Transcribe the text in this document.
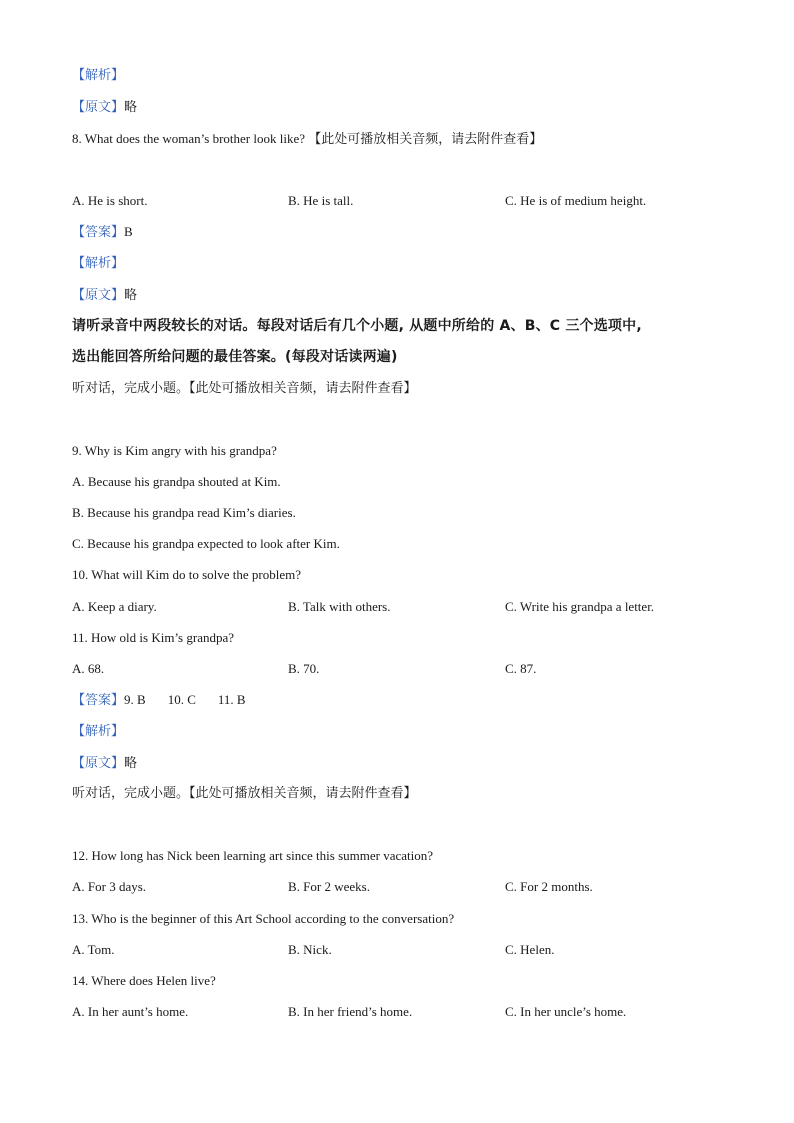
【解析】
【原文】略
8. What does the woman’s brother look like? 【此处可播放相关音频，请去附件查看】
A. He is short.	B. He is tall.	C. He is of medium height.
【答案】B
【解析】
【原文】略
请听录音中两段较长的对话。每段对话后有几个小题, 从题中所给的 A、B、C 三个选项中,
选出能回答所给问题的最佳答案。(每段对话读两遍)
听对话，完成小题。【此处可播放相关音频，请去附件查看】
9. Why is Kim angry with his grandpa?
A. Because his grandpa shouted at Kim.
B. Because his grandpa read Kim’s diaries.
C. Because his grandpa expected to look after Kim.
10. What will Kim do to solve the problem?
A. Keep a diary.	B. Talk with others.	C. Write his grandpa a letter.
11. How old is Kim’s grandpa?
A. 68.	B. 70.	C. 87.
【答案】9. B 10. C 11. B
【解析】
【原文】略
听对话，完成小题。【此处可播放相关音频，请去附件查看】
12. How long has Nick been learning art since this summer vacation?
A. For 3 days.	B. For 2 weeks.	C. For 2 months.
13. Who is the beginner of this Art School according to the conversation?
A. Tom.	B. Nick.	C. Helen.
14. Where does Helen live?
A. In her aunt’s home.	B. In her friend’s home.	C. In her uncle’s home.
